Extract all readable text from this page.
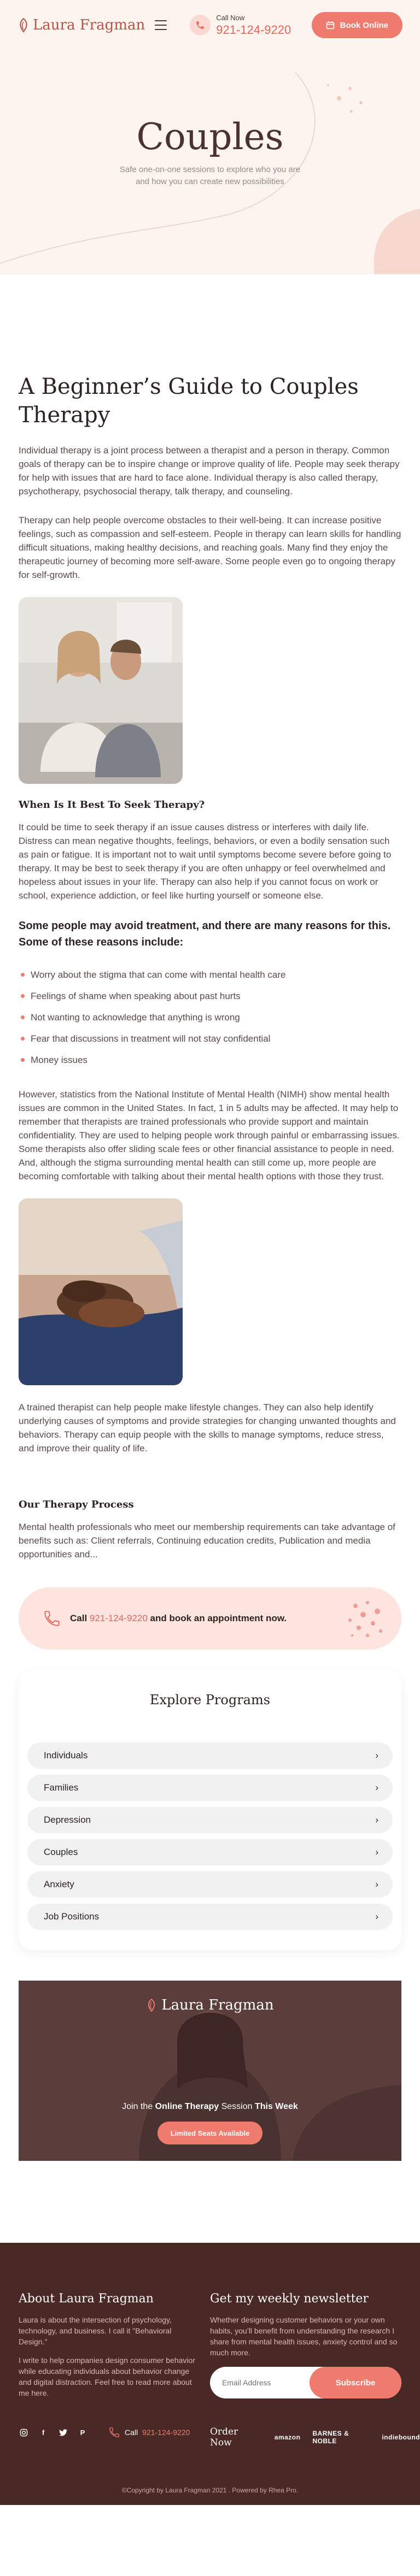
Laura Fragman	Call Now
921-124-9220	Book Online
Couples

Safe one-on-one sessions to explore who you are
and how you can create new possibilities

A Beginner’s Guide to Couples
Therapy

Individual therapy is a joint process between a therapist and a person in therapy. Common goals of therapy can be to inspire change or improve quality of life. People may seek therapy for help with issues that are hard to face alone. Individual therapy is also called therapy, psychotherapy, psychosocial therapy, talk therapy, and counseling.

Therapy can help people overcome obstacles to their well-being. It can increase positive feelings, such as compassion and self-esteem. People in therapy can learn skills for handling difficult situations, making healthy decisions, and reaching goals. Many find they enjoy the therapeutic journey of becoming more self-aware. Some people even go to ongoing therapy for self-growth.

When Is It Best To Seek Therapy?

It could be time to seek therapy if an issue causes distress or interferes with daily life. Distress can mean negative thoughts, feelings, behaviors, or even a bodily sensation such as pain or fatigue. It is important not to wait until symptoms become severe before going to therapy. It may be best to seek therapy if you are often unhappy or feel overwhelmed and hopeless about issues in your life. Therapy can also help if you cannot focus on work or school, experience addiction, or feel like hurting yourself or someone else.

Some people may avoid treatment, and there are many reasons for this. Some of these reasons include:
Worry about the stigma that can come with mental health care
Feelings of shame when speaking about past hurts
Not wanting to acknowledge that anything is wrong
Fear that discussions in treatment will not stay confidential
Money issues

However, statistics from the National Institute of Mental Health (NIMH) show mental health issues are common in the United States. In fact, 1 in 5 adults may be affected. It may help to remember that therapists are trained professionals who provide support and maintain confidentiality. They are used to helping people work through painful or embarrassing issues. Some therapists also offer sliding scale fees or other financial assistance to people in need. And, although the stigma surrounding mental health can still come up, more people are becoming comfortable with talking about their mental health options with those they trust.

A trained therapist can help people make lifestyle changes. They can also help identify underlying causes of symptoms and provide strategies for changing unwanted thoughts and behaviors. Therapy can equip people with the skills to manage symptoms, reduce stress, and improve their quality of life.

Our Therapy Process

Mental health professionals who meet our membership requirements can take advantage of benefits such as: Client referrals, Continuing education credits, Publication and media opportunities and...

Call 921-124-9220 and book an appointment now.
Explore Programs
Individuals	›
Families	›
Depression	›
Couples	›
Anxiety	›
Job Positions	›
Laura Fragman
Join the Online Therapy Session This Week
Limited Seats Available
About Laura Fragman
Laura is about the intersection of psychology, technology, and business. I call it "Behavioral Design."
I write to help companies design consumer behavior while educating individuals about behavior change and digital distraction. Feel free to read more about me here.
Get my weekly newsletter
Whether designing customer behaviors or your own habits, you’ll benefit from understanding the research I share from mental health issues, anxiety control and so much more.
Email Address
Subscribe
f	P	Call 921-124-9220 Order Now	amazon BARNES & NOBLE	indiebound
©Copyright by Laura Fragman 2021 . Powered by Rhea Pro.
